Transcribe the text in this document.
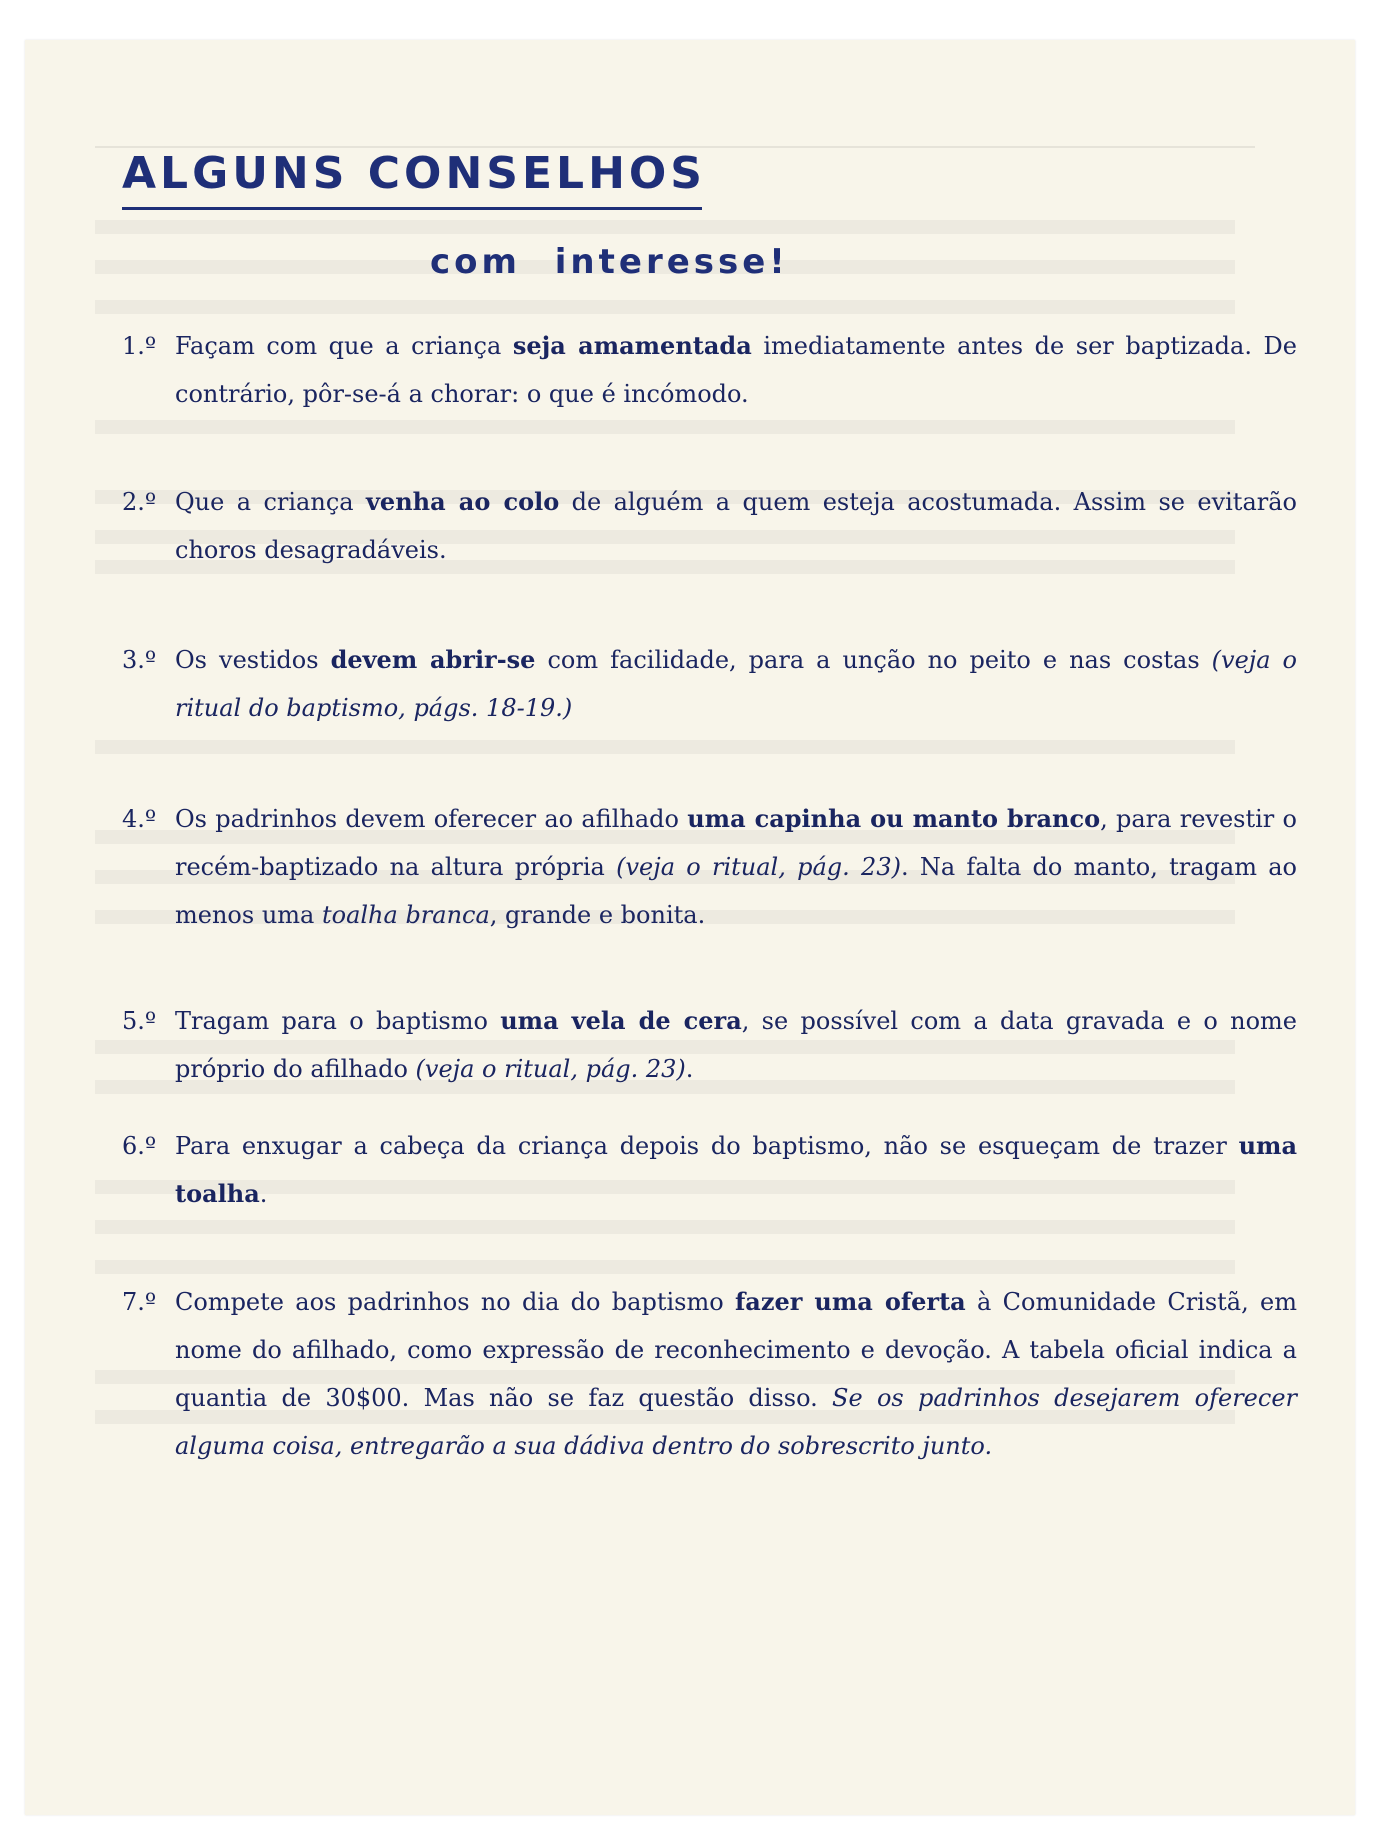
ALGUNS CONSELHOS
com interesse!
1.º Façam com que a criança seja amamentada imediatamente antes de ser baptizada. De contrário, pôr-se-á a chorar: o que é incómodo.
2.º Que a criança venha ao colo de alguém a quem esteja acostumada. Assim se evitarão choros desagradáveis.
3.º Os vestidos devem abrir-se com facilidade, para a unção no peito e nas costas (veja o ritual do baptismo, págs. 18-19.)
4.º Os padrinhos devem oferecer ao afilhado uma capinha ou manto branco, para revestir o recém-baptizado na altura própria (veja o ritual, pág. 23). Na falta do manto, tragam ao menos uma toalha branca, grande e bonita.
5.º Tragam para o baptismo uma vela de cera, se possível com a data gravada e o nome próprio do afilhado (veja o ritual, pág. 23).
6.º Para enxugar a cabeça da criança depois do baptismo, não se esqueçam de trazer uma toalha.
7.º Compete aos padrinhos no dia do baptismo fazer uma oferta à Comunidade Cristã, em nome do afilhado, como expressão de reconhecimento e devoção. A tabela oficial indica a quantia de 30$00. Mas não se faz questão disso. Se os padrinhos desejarem oferecer alguma coisa, entregarão a sua dádiva dentro do sobrescrito junto.
